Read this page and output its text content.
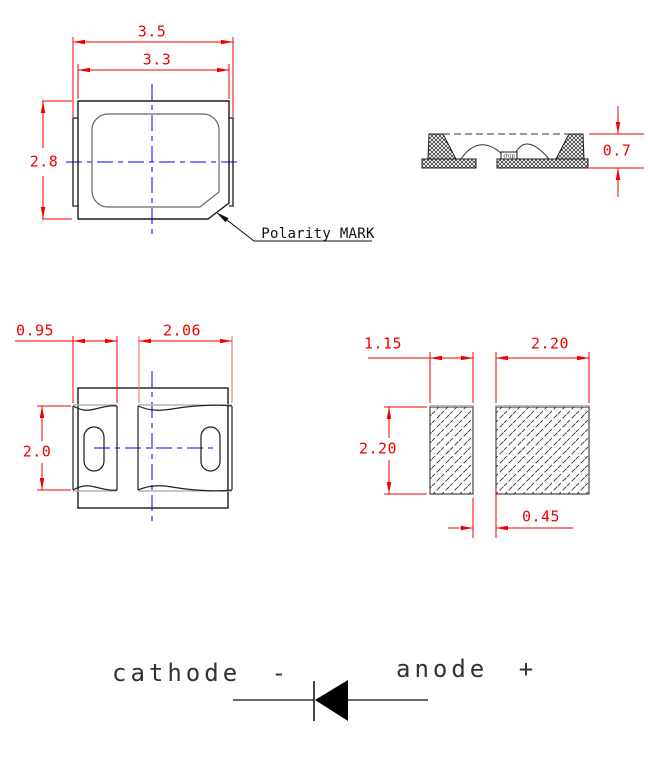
3.5
3.3
2.8
Polarity MARK
0.7
chip
0.95	2.06
2.0
1.15	2.20
2.20
0.45
cathode -	anode +
